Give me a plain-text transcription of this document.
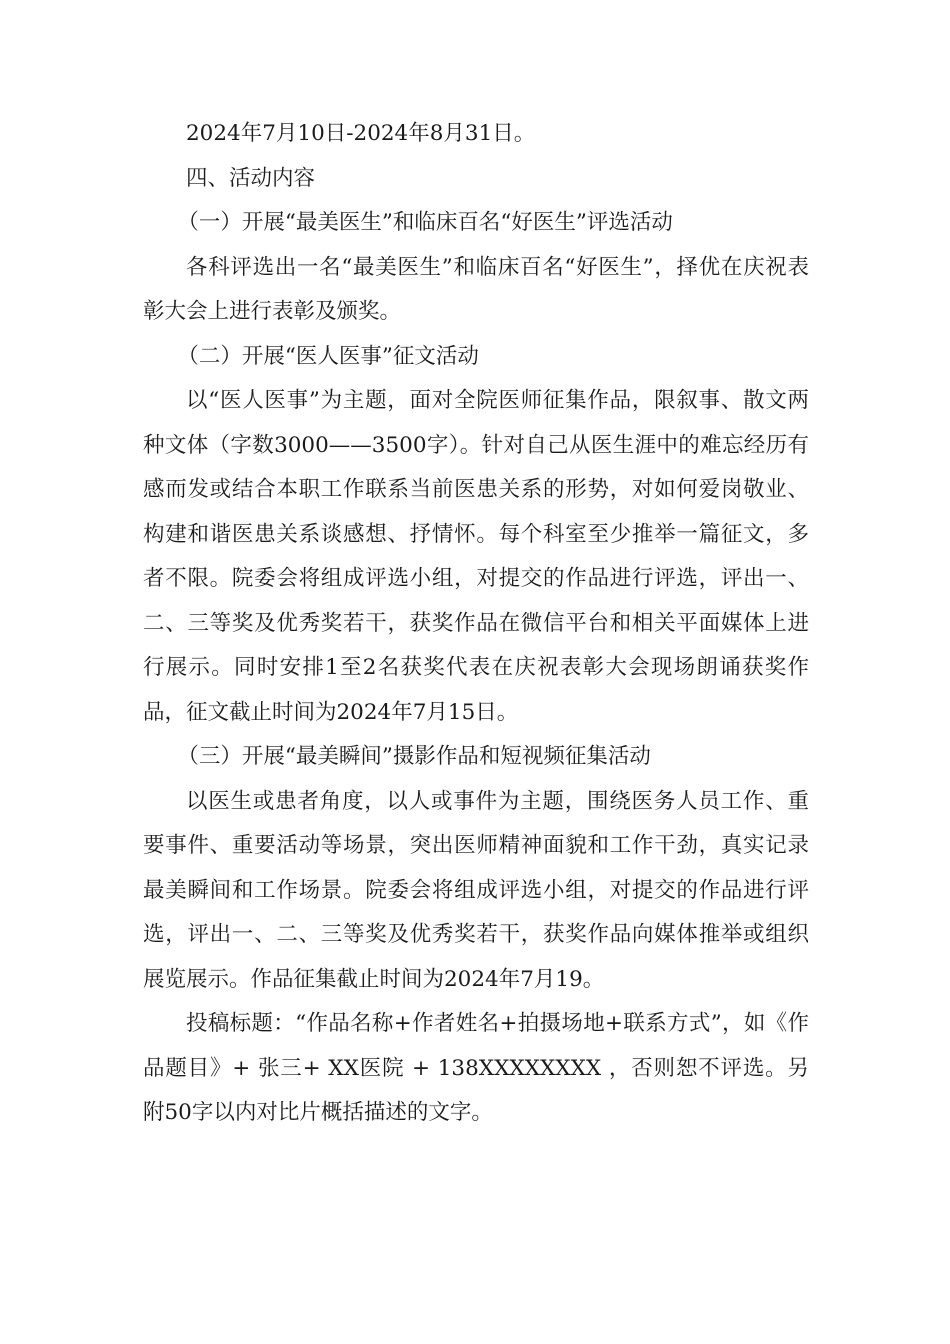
2024年7月10日-2024年8月31日。

四、活动内容

（一）开展“最美医生”和临床百名“好医生”评选活动

各科评选出一名“最美医生”和临床百名“好医生”，择优在庆祝表彰大会上进行表彰及颁奖。

（二）开展“医人医事”征文活动

以“医人医事”为主题，面对全院医师征集作品，限叙事、散文两种文体（字数3000——3500字）。针对自己从医生涯中的难忘经历有感而发或结合本职工作联系当前医患关系的形势，对如何爱岗敬业、构建和谐医患关系谈感想、抒情怀。每个科室至少推举一篇征文，多者不限。院委会将组成评选小组，对提交的作品进行评选，评出一、二、三等奖及优秀奖若干，获奖作品在微信平台和相关平面媒体上进行展示。同时安排1至2名获奖代表在庆祝表彰大会现场朗诵获奖作品，征文截止时间为2024年7月15日。

（三）开展“最美瞬间”摄影作品和短视频征集活动

以医生或患者角度，以人或事件为主题，围绕医务人员工作、重要事件、重要活动等场景，突出医师精神面貌和工作干劲，真实记录最美瞬间和工作场景。院委会将组成评选小组，对提交的作品进行评选，评出一、二、三等奖及优秀奖若干，获奖作品向媒体推举或组织展览展示。作品征集截止时间为2024年7月19。

投稿标题：“作品名称+作者姓名+拍摄场地+联系方式”，如《作品题目》+ 张三+ XX医院 + 138XXXXXXXX ，否则恕不评选。另附50字以内对比片概括描述的文字。
